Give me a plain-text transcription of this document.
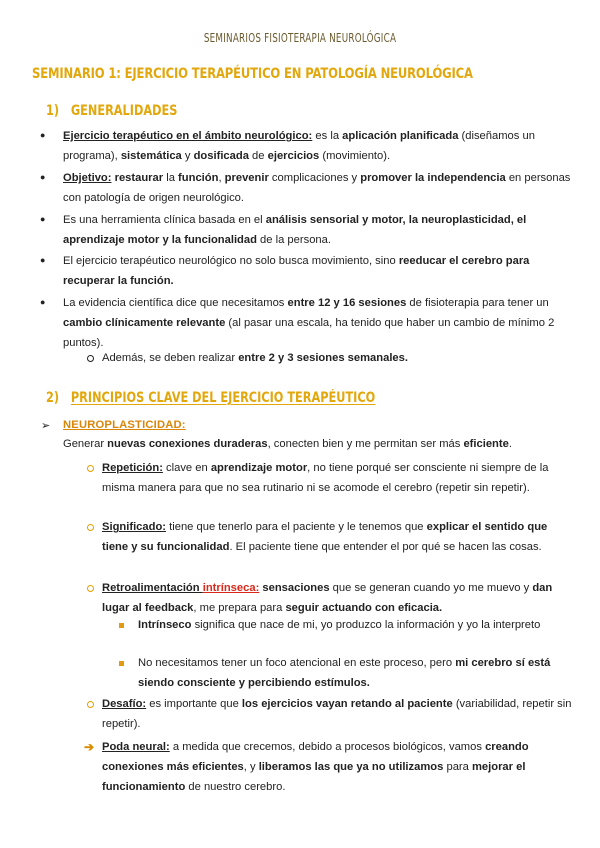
SEMINARIOS FISIOTERAPIA NEUROLÓGICA
SEMINARIO 1: EJERCICIO TERAPÉUTICO EN PATOLOGÍA NEUROLÓGICA
1) GENERALIDADES
● Ejercicio terapéutico en el ámbito neurológico: es la aplicación planificada (diseñamos un programa), sistemática y dosificada de ejercicios (movimiento).
● Objetivo: restaurar la función, prevenir complicaciones y promover la independencia en personas con patología de origen neurológico.
● Es una herramienta clínica basada en el análisis sensorial y motor, la neuroplasticidad, el aprendizaje motor y la funcionalidad de la persona.
● El ejercicio terapéutico neurológico no solo busca movimiento, sino reeducar el cerebro para recuperar la función.
● La evidencia científica dice que necesitamos entre 12 y 16 sesiones de fisioterapia para tener un cambio clínicamente relevante (al pasar una escala, ha tenido que haber un cambio de mínimo 2 puntos).
Además, se deben realizar entre 2 y 3 sesiones semanales.
2) PRINCIPIOS CLAVE DEL EJERCICIO TERAPÉUTICO
➢ NEUROPLASTICIDAD:
Generar nuevas conexiones duraderas, conecten bien y me permitan ser más eficiente.
Repetición: clave en aprendizaje motor, no tiene porqué ser consciente ni siempre de la misma manera para que no sea rutinario ni se acomode el cerebro (repetir sin repetir).
Significado: tiene que tenerlo para el paciente y le tenemos que explicar el sentido que tiene y su funcionalidad. El paciente tiene que entender el por qué se hacen las cosas.
Retroalimentación intrínseca: sensaciones que se generan cuando yo me muevo y dan lugar al feedback, me prepara para seguir actuando con eficacia.
Intrínseco significa que nace de mi, yo produzco la información y yo la interpreto
No necesitamos tener un foco atencional en este proceso, pero mi cerebro sí está siendo consciente y percibiendo estímulos.
Desafío: es importante que los ejercicios vayan retando al paciente (variabilidad, repetir sin repetir).
➔ Poda neural: a medida que crecemos, debido a procesos biológicos, vamos creando conexiones más eficientes, y liberamos las que ya no utilizamos para mejorar el funcionamiento de nuestro cerebro.
